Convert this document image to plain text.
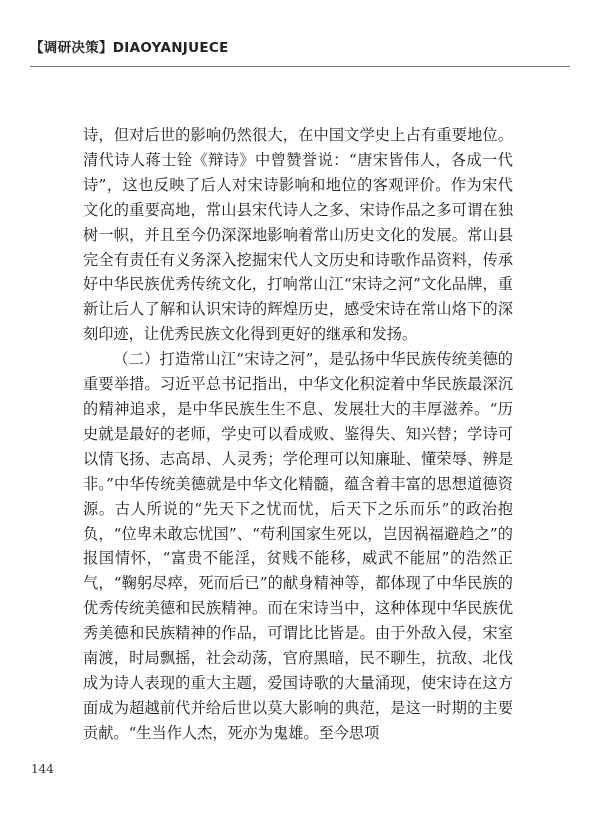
【调研决策】DIAOYANJUECE

诗，但对后世的影响仍然很大，在中国文学史上占有重要地位。清代诗人蒋士铨《辩诗》中曾赞誉说：“唐宋皆伟人，各成一代诗”，这也反映了后人对宋诗影响和地位的客观评价。作为宋代文化的重要高地，常山县宋代诗人之多、宋诗作品之多可谓在独树一帜，并且至今仍深深地影响着常山历史文化的发展。常山县完全有责任有义务深入挖掘宋代人文历史和诗歌作品资料，传承好中华民族优秀传统文化，打响常山江“宋诗之河”文化品牌，重新让后人了解和认识宋诗的辉煌历史，感受宋诗在常山烙下的深刻印迹，让优秀民族文化得到更好的继承和发扬。

（二）打造常山江“宋诗之河”，是弘扬中华民族传统美德的重要举措。习近平总书记指出，中华文化积淀着中华民族最深沉的精神追求，是中华民族生生不息、发展壮大的丰厚滋养。“历史就是最好的老师，学史可以看成败、鉴得失、知兴替；学诗可以情飞扬、志高昂、人灵秀；学伦理可以知廉耻、懂荣辱、辨是非。”中华传统美德就是中华文化精髓，蕴含着丰富的思想道德资源。古人所说的“先天下之忧而忧，后天下之乐而乐”的政治抱负，“位卑未敢忘忧国”、“苟利国家生死以，岂因祸福避趋之”的报国情怀，“富贵不能淫，贫贱不能移，威武不能屈”的浩然正气，“鞠躬尽瘁，死而后已”的献身精神等，都体现了中华民族的优秀传统美德和民族精神。而在宋诗当中，这种体现中华民族优秀美德和民族精神的作品，可谓比比皆是。由于外敌入侵，宋室南渡，时局飘摇，社会动荡，官府黑暗，民不聊生，抗敌、北伐成为诗人表现的重大主题，爱国诗歌的大量涌现，使宋诗在这方面成为超越前代并给后世以莫大影响的典范，是这一时期的主要贡献。“生当作人杰，死亦为鬼雄。至今思项

144
